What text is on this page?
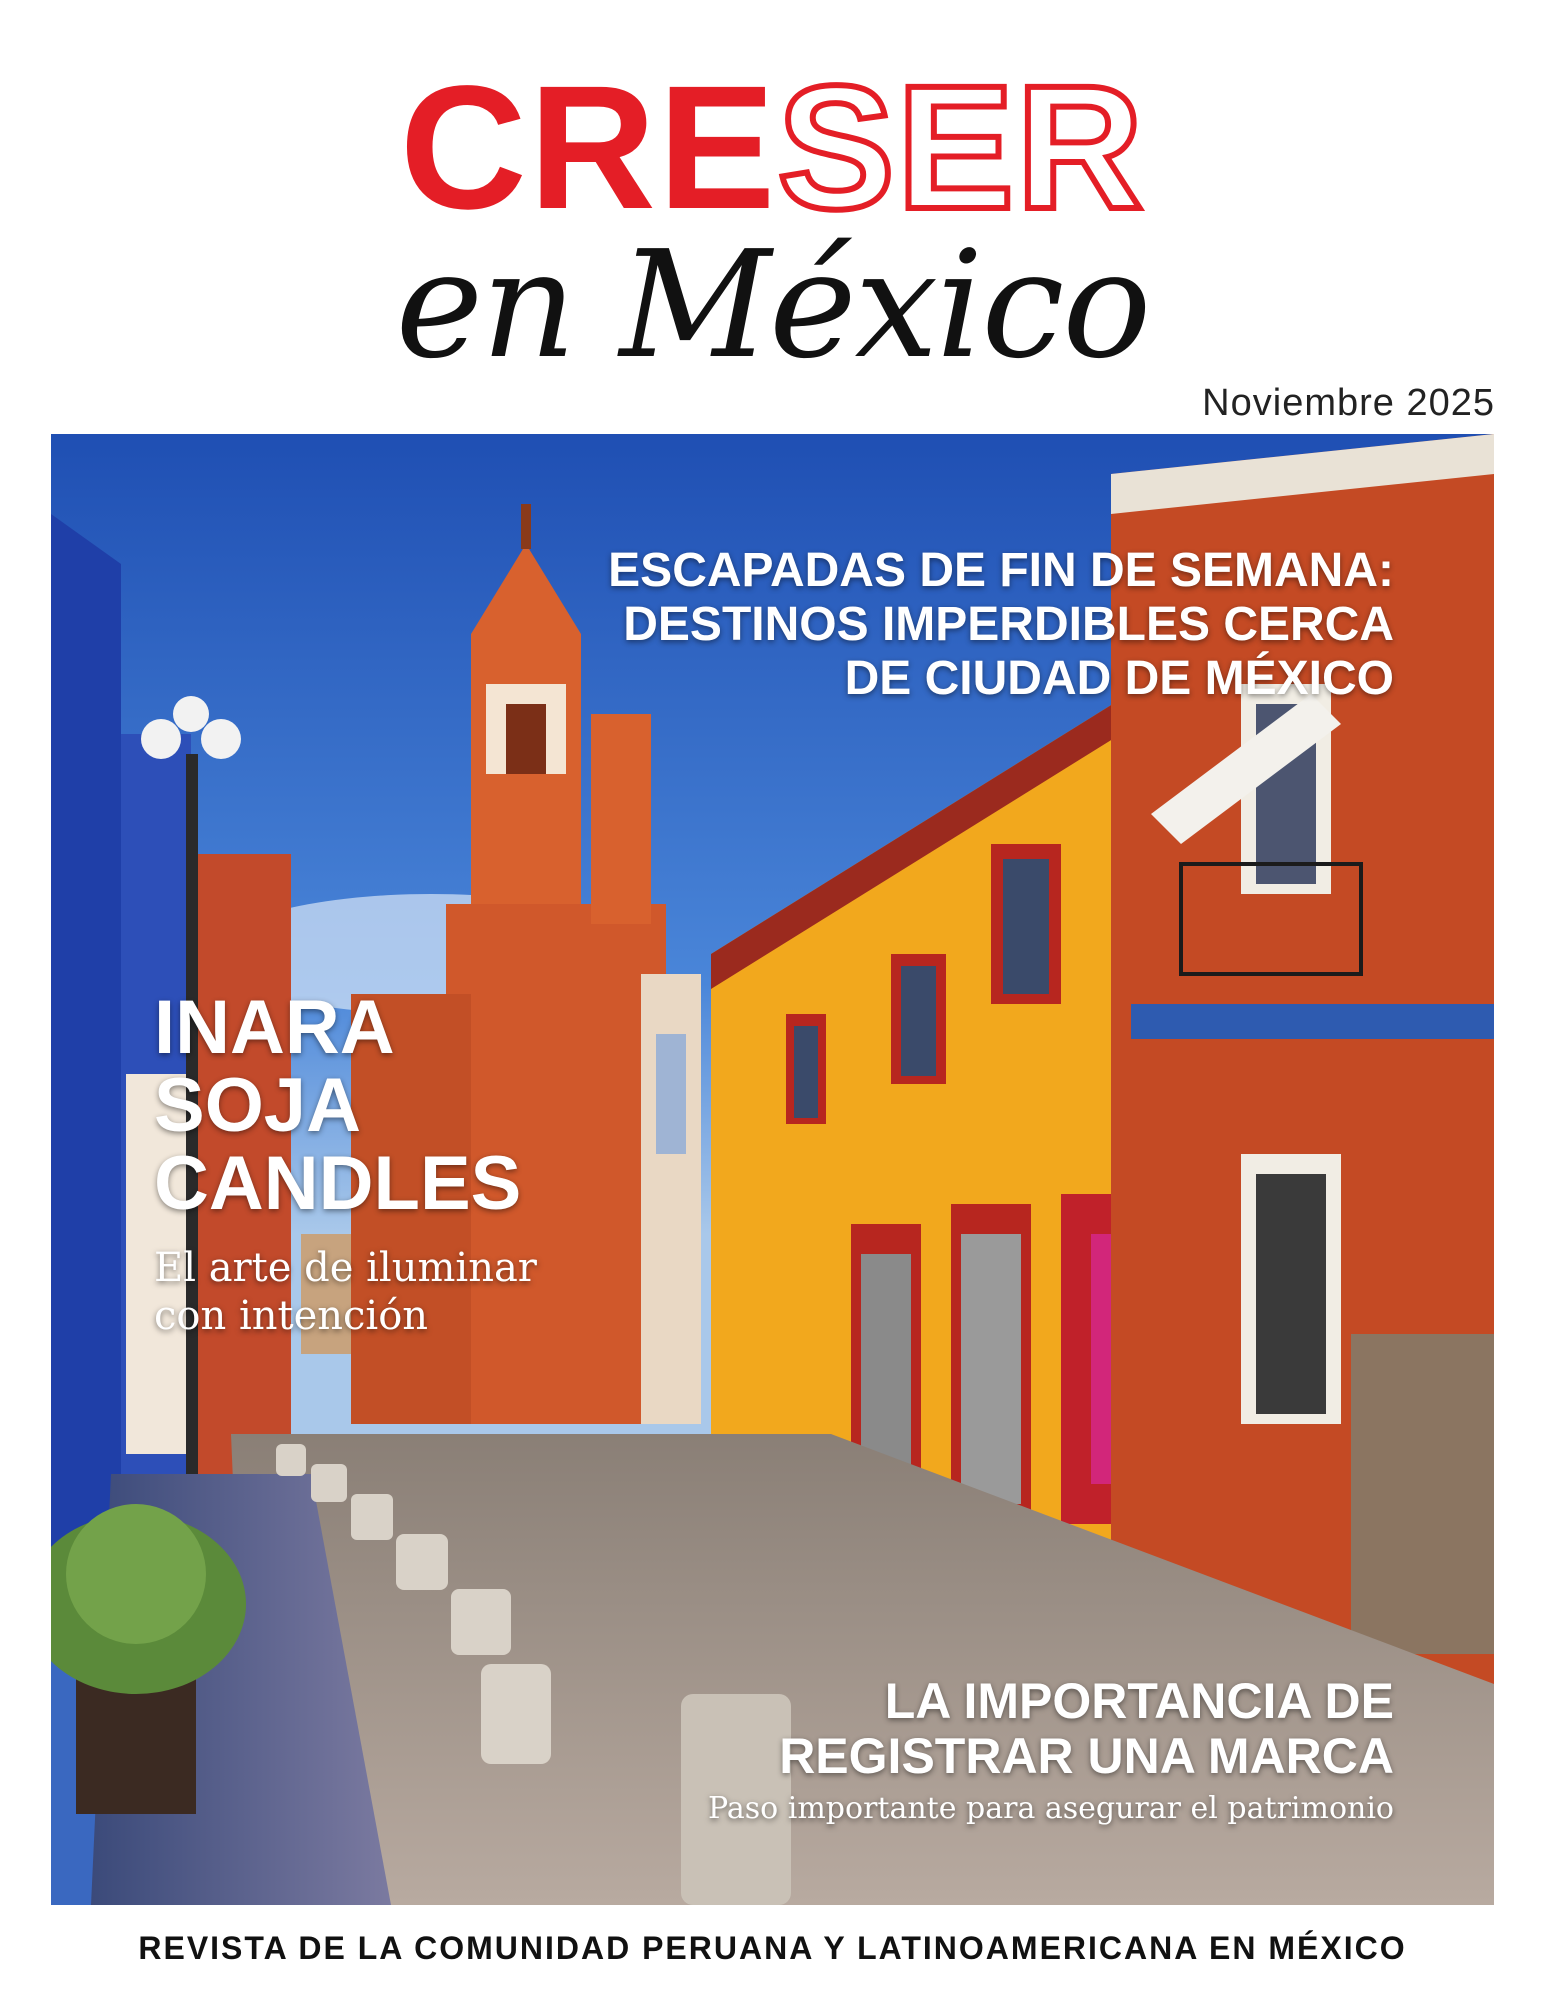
CRESER
en México
Noviembre 2025
ESCAPADAS DE FIN DE SEMANA:
DESTINOS IMPERDIBLES CERCA
DE CIUDAD DE MÉXICO
INARA
SOJA
CANDLES
El arte de iluminar
con intención
LA IMPORTANCIA DE
REGISTRAR UNA MARCA
Paso importante para asegurar el patrimonio
REVISTA DE LA COMUNIDAD PERUANA Y LATINOAMERICANA EN MÉXICO
